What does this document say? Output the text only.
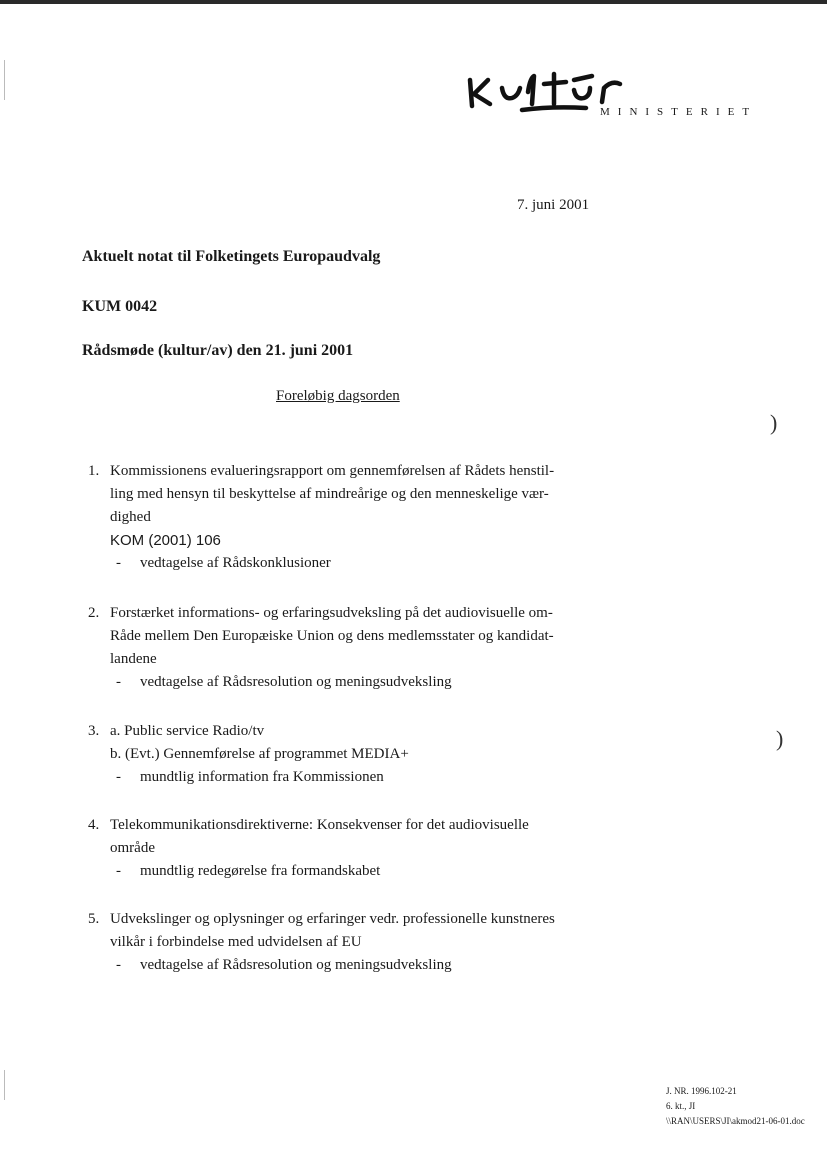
MINISTERIET
7. juni 2001
Aktuelt notat til Folketingets Europaudvalg
KUM 0042
Rådsmøde (kultur/av) den 21. juni 2001
Foreløbig dagsorden
1. Kommissionens evalueringsrapport om gennemførelsen af Rådets henstil-
ling med hensyn til beskyttelse af mindreårige og den menneskelige vær-
dighed
KOM (2001) 106
- vedtagelse af Rådskonklusioner
2. Forstærket informations- og erfaringsudveksling på det audiovisuelle om-
Råde mellem Den Europæiske Union og dens medlemsstater og kandidat-
landene
- vedtagelse af Rådsresolution og meningsudveksling
3. a. Public service Radio/tv
b. (Evt.) Gennemførelse af programmet MEDIA+
- mundtlig information fra Kommissionen
4. Telekommunikationsdirektiverne: Konsekvenser for det audiovisuelle
område
- mundtlig redegørelse fra formandskabet
5. Udvekslinger og oplysninger og erfaringer vedr. professionelle kunstneres
vilkår i forbindelse med udvidelsen af EU
- vedtagelse af Rådsresolution og meningsudveksling
)
)
J. NR. 1996.102-21
6. kt., JI
\\RAN\USERS\JI\akmod21-06-01.doc
